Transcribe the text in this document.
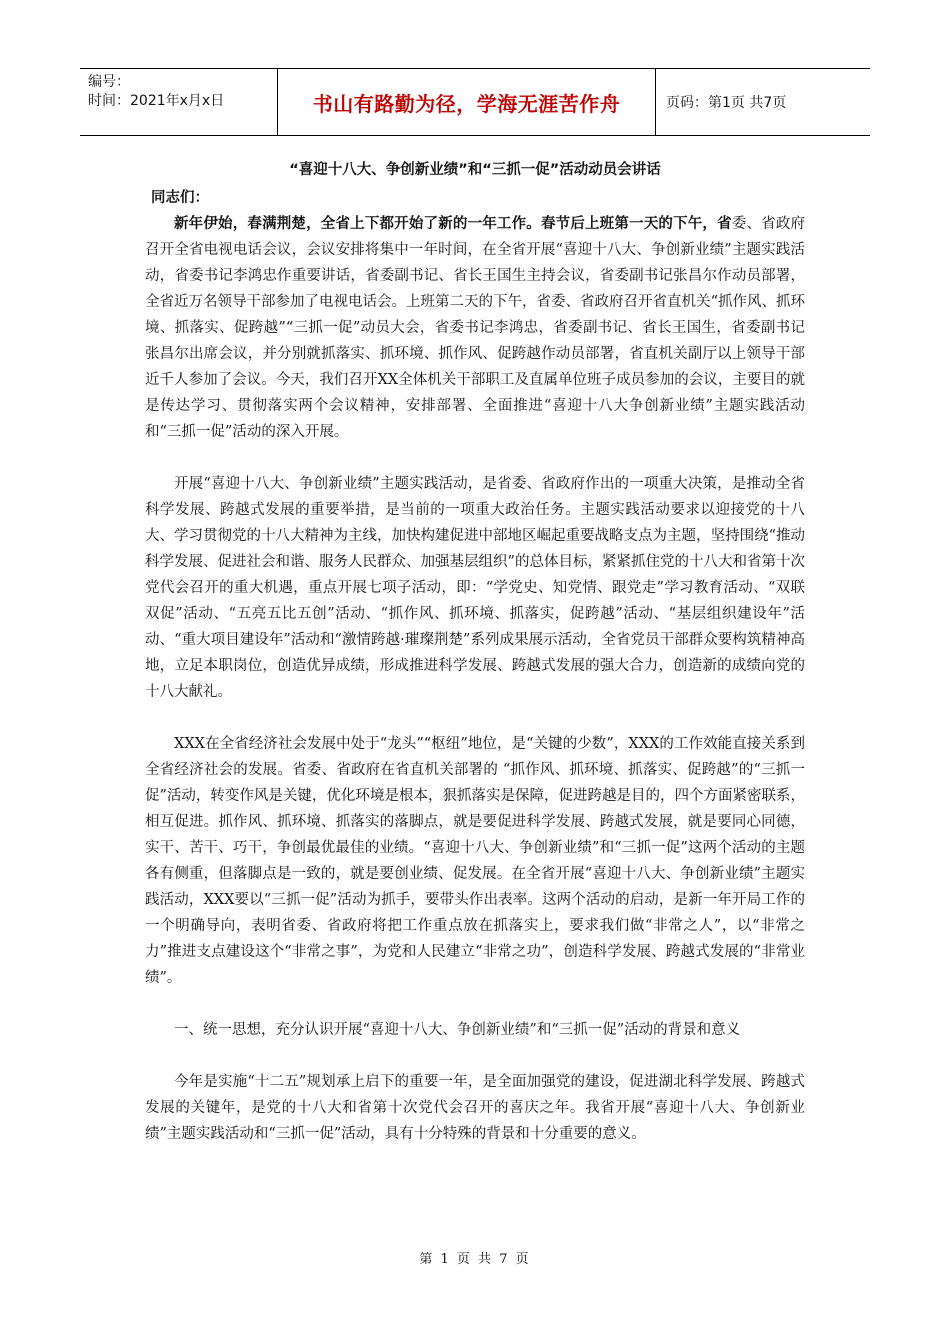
编号：
时间：2021年x月x日	书山有路勤为径，学海无涯苦作舟	页码：第1页 共7页
“喜迎十八大、争创新业绩”和“三抓一促”活动动员会讲话

同志们：

新年伊始，春满荆楚，全省上下都开始了新的一年工作。春节后上班第一天的下午，省委、省政府召开全省电视电话会议，会议安排将集中一年时间，在全省开展“喜迎十八大、争创新业绩”主题实践活动，省委书记李鸿忠作重要讲话，省委副书记、省长王国生主持会议，省委副书记张昌尔作动员部署，全省近万名领导干部参加了电视电话会。上班第二天的下午，省委、省政府召开省直机关“抓作风、抓环境、抓落实、促跨越”“三抓一促”动员大会，省委书记李鸿忠，省委副书记、省长王国生，省委副书记张昌尔出席会议，并分别就抓落实、抓环境、抓作风、促跨越作动员部署，省直机关副厅以上领导干部近千人参加了会议。今天，我们召开XX全体机关干部职工及直属单位班子成员参加的会议，主要目的就是传达学习、贯彻落实两个会议精神，安排部署、全面推进“喜迎十八大争创新业绩”主题实践活动和“三抓一促”活动的深入开展。

开展“喜迎十八大、争创新业绩”主题实践活动，是省委、省政府作出的一项重大决策，是推动全省科学发展、跨越式发展的重要举措，是当前的一项重大政治任务。主题实践活动要求以迎接党的十八大、学习贯彻党的十八大精神为主线，加快构建促进中部地区崛起重要战略支点为主题，坚持围绕“推动科学发展、促进社会和谐、服务人民群众、加强基层组织”的总体目标，紧紧抓住党的十八大和省第十次党代会召开的重大机遇，重点开展七项子活动，即：“学党史、知党情、跟党走”学习教育活动、“双联双促”活动、“五亮五比五创”活动、“抓作风、抓环境、抓落实，促跨越”活动、“基层组织建设年”活动、“重大项目建设年”活动和“激情跨越·璀璨荆楚”系列成果展示活动，全省党员干部群众要构筑精神高地，立足本职岗位，创造优异成绩，形成推进科学发展、跨越式发展的强大合力，创造新的成绩向党的十八大献礼。

XXX在全省经济社会发展中处于“龙头”“枢纽”地位，是“关键的少数”，XXX的工作效能直接关系到全省经济社会的发展。省委、省政府在省直机关部署的 “抓作风、抓环境、抓落实、促跨越”的“三抓一促”活动，转变作风是关键，优化环境是根本，狠抓落实是保障，促进跨越是目的，四个方面紧密联系，相互促进。抓作风、抓环境、抓落实的落脚点，就是要促进科学发展、跨越式发展，就是要同心同德，实干、苦干、巧干，争创最优最佳的业绩。“喜迎十八大、争创新业绩”和“三抓一促”这两个活动的主题各有侧重，但落脚点是一致的，就是要创业绩、促发展。在全省开展“喜迎十八大、争创新业绩”主题实践活动，XXX要以“三抓一促”活动为抓手，要带头作出表率。这两个活动的启动，是新一年开局工作的一个明确导向，表明省委、省政府将把工作重点放在抓落实上，要求我们做“非常之人”，以“非常之力”推进支点建设这个“非常之事”，为党和人民建立“非常之功”，创造科学发展、跨越式发展的“非常业绩”。

一、统一思想，充分认识开展“喜迎十八大、争创新业绩”和“三抓一促”活动的背景和意义

今年是实施“十二五”规划承上启下的重要一年，是全面加强党的建设，促进湖北科学发展、跨越式发展的关键年，是党的十八大和省第十次党代会召开的喜庆之年。我省开展“喜迎十八大、争创新业绩”主题实践活动和“三抓一促”活动，具有十分特殊的背景和十分重要的意义。

第 1 页 共 7 页
